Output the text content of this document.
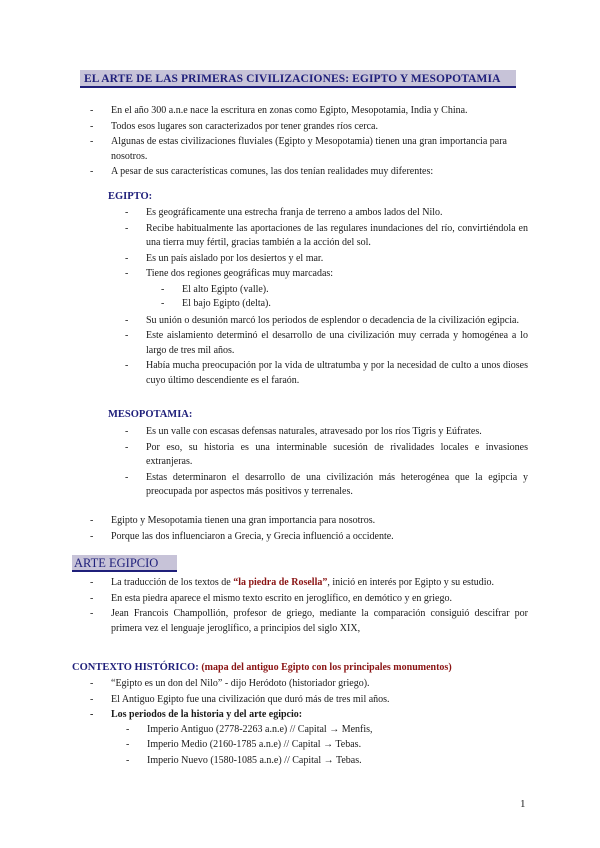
EL ARTE DE LAS PRIMERAS CIVILIZACIONES: EGIPTO Y MESOPOTAMIA
- En el año 300 a.n.e nace la escritura en zonas como Egipto, Mesopotamia, India y China.
- Todos esos lugares son caracterizados por tener grandes ríos cerca.
- Algunas de estas civilizaciones fluviales (Egipto y Mesopotamia) tienen una gran importancia para nosotros.
- A pesar de sus características comunes, las dos tenían realidades muy diferentes:
EGIPTO:
- Es geográficamente una estrecha franja de terreno a ambos lados del Nilo.
- Recibe habitualmente las aportaciones de las regulares inundaciones del río, convirtiéndola en una tierra muy fértil, gracias también a la acción del sol.
- Es un país aislado por los desiertos y el mar.
- Tiene dos regiones geográficas muy marcadas:
- El alto Egipto (valle).
- El bajo Egipto (delta).
- Su unión o desunión marcó los periodos de esplendor o decadencia de la civilización egipcia.
- Este aislamiento determinó el desarrollo de una civilización muy cerrada y homogénea a lo largo de tres mil años.
- Había mucha preocupación por la vida de ultratumba y por la necesidad de culto a unos dioses cuyo último descendiente es el faraón.
MESOPOTAMIA:
- Es un valle con escasas defensas naturales, atravesado por los ríos Tigris y Eúfrates.
- Por eso, su historia es una interminable sucesión de rivalidades locales e invasiones extranjeras.
- Estas determinaron el desarrollo de una civilización más heterogénea que la egipcia y preocupada por aspectos más positivos y terrenales.
- Egipto y Mesopotamia tienen una gran importancia para nosotros.
- Porque las dos influenciaron a Grecia, y Grecia influenció a occidente.
ARTE EGIPCIO
- La traducción de los textos de “la piedra de Rosella”, inició en interés por Egipto y su estudio.
- En esta piedra aparece el mismo texto escrito en jeroglífico, en demótico y en griego.
- Jean Francois Champollión, profesor de griego, mediante la comparación consiguió descifrar por primera vez el lenguaje jeroglífico, a principios del siglo XIX,
CONTEXTO HISTÓRICO: (mapa del antiguo Egipto con los principales monumentos)
- “Egipto es un don del Nilo” - dijo Heródoto (historiador griego).
- El Antiguo Egipto fue una civilización que duró más de tres mil años.
- Los periodos de la historia y del arte egipcio:
- Imperio Antiguo (2778-2263 a.n.e) // Capital → Menfis,
- Imperio Medio (2160-1785 a.n.e) // Capital → Tebas.
- Imperio Nuevo (1580-1085 a.n.e) // Capital → Tebas.
1
